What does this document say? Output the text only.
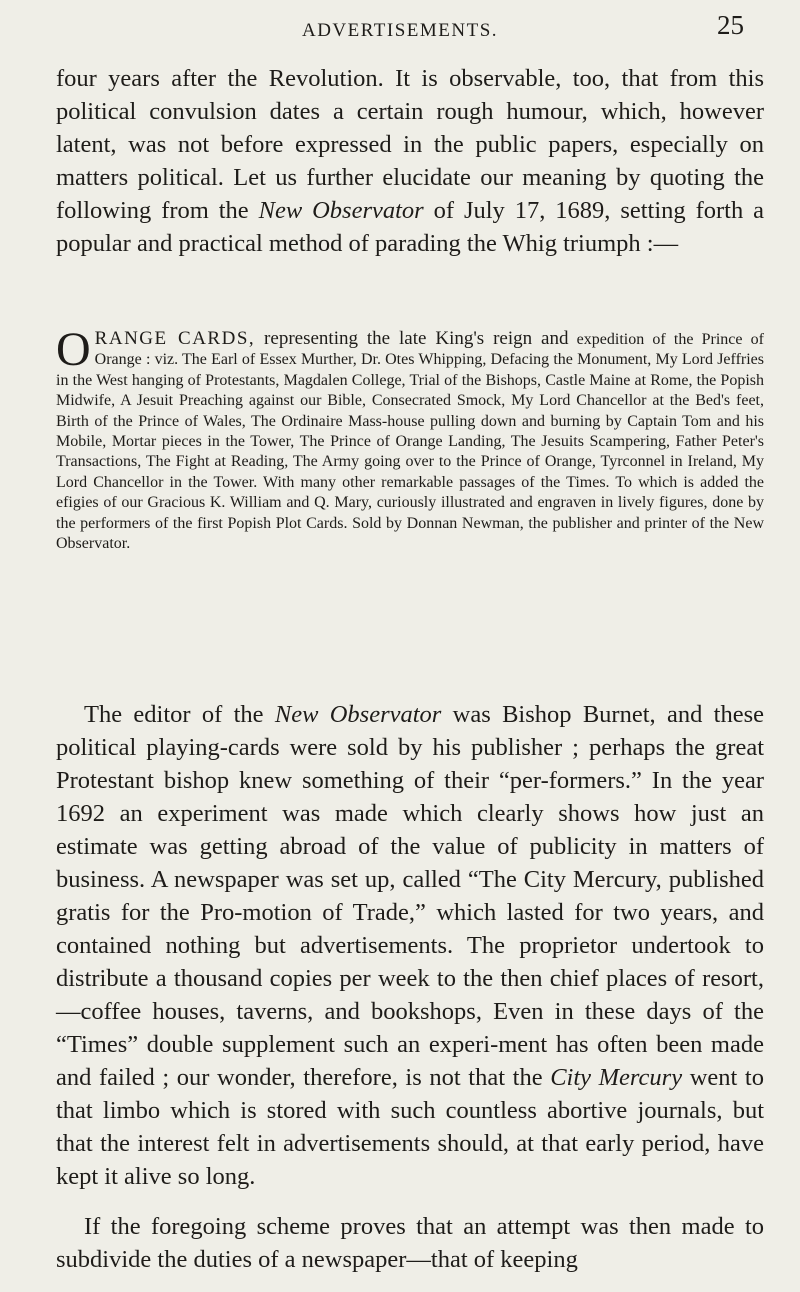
ADVERTISEMENTS.	25

four years after the Revolution. It is observable, too, that from this political convulsion dates a certain rough humour, which, however latent, was not before expressed in the public papers, especially on matters political. Let us further elucidate our meaning by quoting the following from the New Observator of July 17, 1689, setting forth a popular and practical method of parading the Whig triumph :—

O RANGE CARDS, representing the late King's reign and expedition of the Prince of Orange : viz. The Earl of Essex Murther, Dr. Otes Whipping, Defacing the Monument, My Lord Jeffries in the West hanging of Protestants, Magdalen College, Trial of the Bishops, Castle Maine at Rome, the Popish Midwife, A Jesuit Preaching against our Bible, Consecrated Smock, My Lord Chancellor at the Bed's feet, Birth of the Prince of Wales, The Ordinaire Mass-house pulling down and burning by Captain Tom and his Mobile, Mortar pieces in the Tower, The Prince of Orange Landing, The Jesuits Scampering, Father Peter's Transactions, The Fight at Reading, The Army going over to the Prince of Orange, Tyrconnel in Ireland, My Lord Chancellor in the Tower. With many other remarkable passages of the Times. To which is added the efigies of our Gracious K. William and Q. Mary, curiously illustrated and engraven in lively figures, done by the performers of the first Popish Plot Cards. Sold by Donnan Newman, the publisher and printer of the New Observator.

The editor of the New Observator was Bishop Burnet, and these political playing-cards were sold by his publisher ; perhaps the great Protestant bishop knew something of their “per-formers.” In the year 1692 an experiment was made which clearly shows how just an estimate was getting abroad of the value of publicity in matters of business. A newspaper was set up, called “The City Mercury, published gratis for the Pro-motion of Trade,” which lasted for two years, and contained nothing but advertisements. The proprietor undertook to distribute a thousand copies per week to the then chief places of resort,—coffee houses, taverns, and bookshops, Even in these days of the “Times” double supplement such an experi-ment has often been made and failed ; our wonder, therefore, is not that the City Mercury went to that limbo which is stored with such countless abortive journals, but that the interest felt in advertisements should, at that early period, have kept it alive so long.

If the foregoing scheme proves that an attempt was then made to subdivide the duties of a newspaper—that of keeping
